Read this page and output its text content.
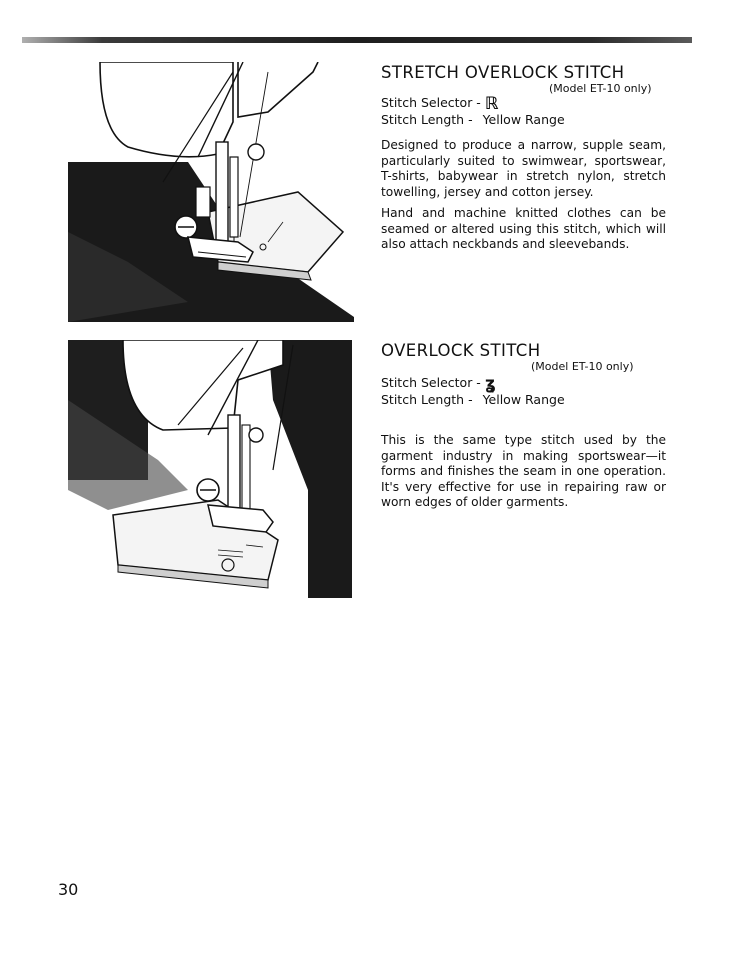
STRETCH OVERLOCK STITCH
(Model ET-10 only)
Stitch Selector - ℝ
Stitch Length - Yellow Range

Designed to produce a narrow, supple seam, particularly suited to swimwear, sportswear, T-shirts, babywear in stretch nylon, stretch towelling, jersey and cotton jersey.

Hand and machine knitted clothes can be seamed or altered using this stitch, which will also attach neckbands and sleevebands.

OVERLOCK STITCH
(Model ET-10 only)
Stitch Selector - ʓ
Stitch Length - Yellow Range

This is the same type stitch used by the garment industry in making sportswear—it forms and finishes the seam in one operation. It's very effective for use in repairing raw or worn edges of older garments.

30
